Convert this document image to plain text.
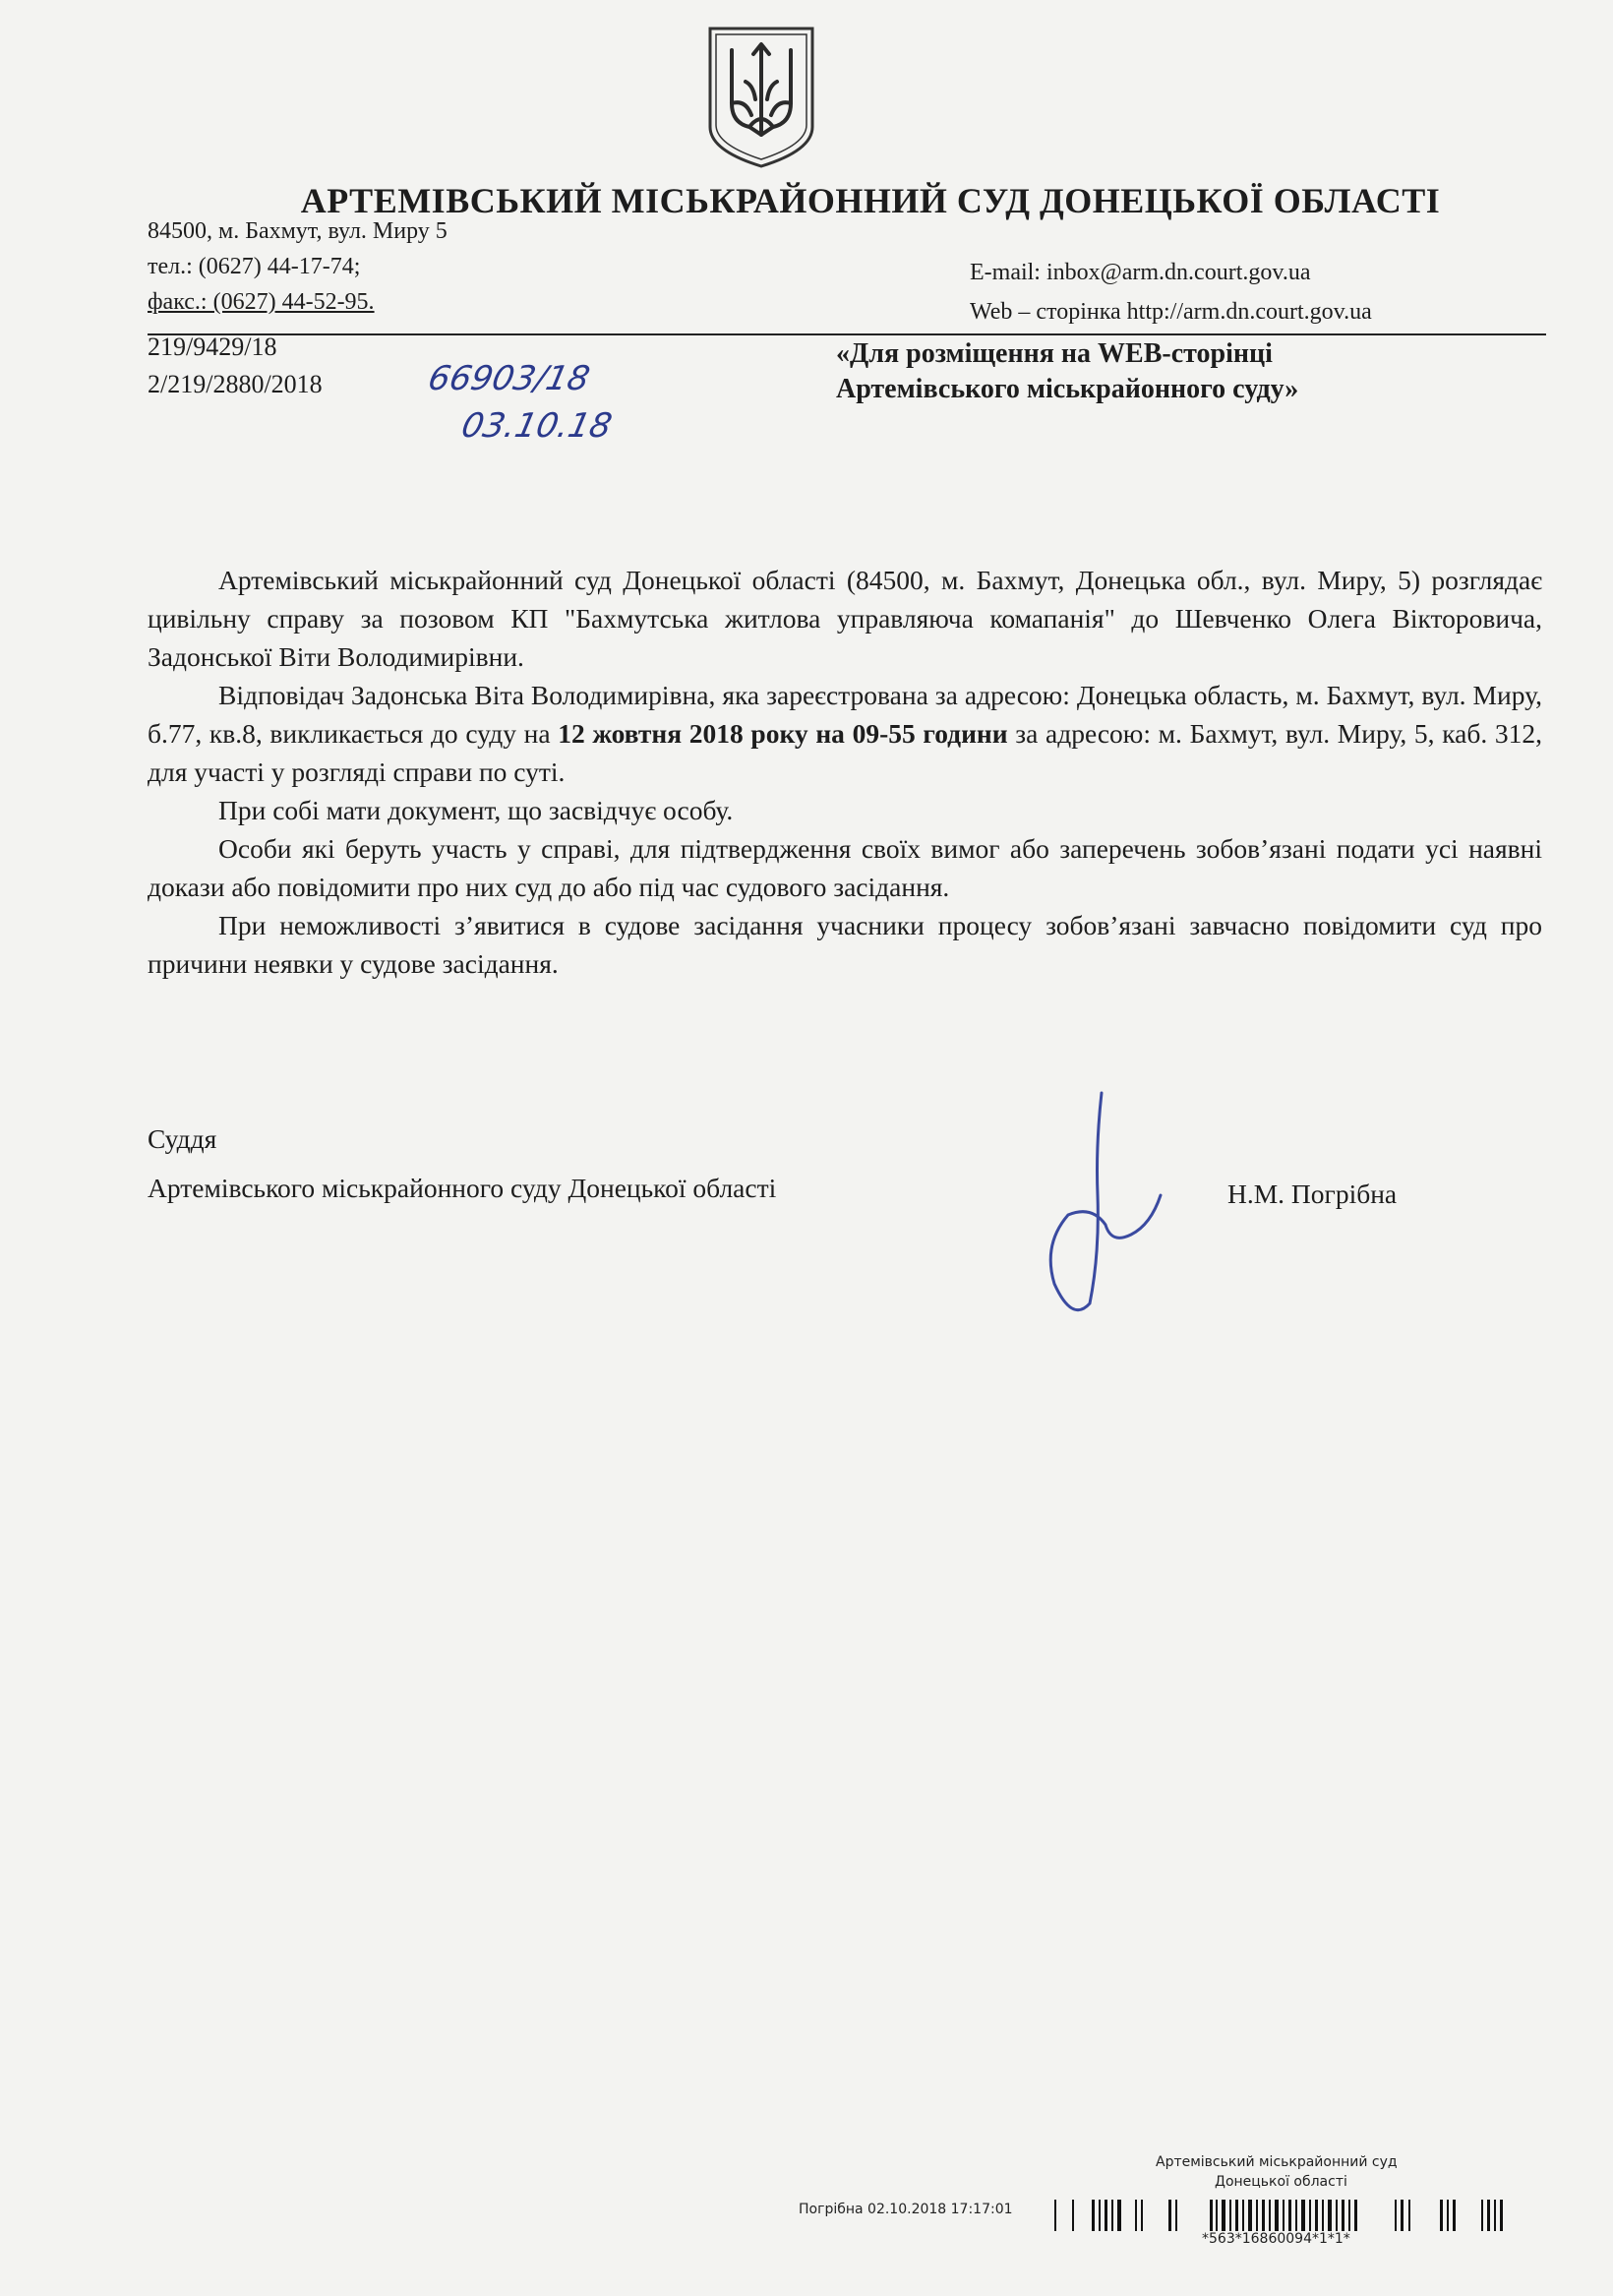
АРТЕМІВСЬКИЙ МІСЬКРАЙОННИЙ СУД ДОНЕЦЬКОЇ ОБЛАСТІ
84500, м. Бахмут, вул. Миру 5
тел.: (0627) 44-17-74;
факс.: (0627) 44-52-95.
E-mail: inbox@arm.dn.court.gov.ua
Web – сторінка http://arm.dn.court.gov.ua
219/9429/18
2/219/2880/2018	66903/18
03.10.18
«Для розміщення на WEB-сторінці
Артемівського міськрайонного суду»

Артемівський міськрайонний суд Донецької області (84500, м. Бахмут, Донецька обл., вул. Миру, 5) розглядає цивільну справу за позовом КП "Бахмутська житлова управляюча комапанія" до Шевченко Олега Вікторовича, Задонської Віти Володимирівни.

Відповідач Задонська Віта Володимирівна, яка зареєстрована за адресою: Донецька область, м. Бахмут, вул. Миру, б.77, кв.8, викликається до суду на 12 жовтня 2018 року на 09-55 години за адресою: м. Бахмут, вул. Миру, 5, каб. 312, для участі у розгляді справи по суті.

При собі мати документ, що засвідчує особу.

Особи які беруть участь у справі, для підтвердження своїх вимог або заперечень зобов’язані подати усі наявні докази або повідомити про них суд до або під час судового засідання.

При неможливості з’явитися в судове засідання учасники процесу зобов’язані завчасно повідомити суд про причини неявки у судове засідання.

Суддя
Артемівського міськрайонного суду Донецької області	Н.М. Погрібна
Артемівський міськрайонний суд
Донецької області
Погрібна 02.10.2018 17:17:01
*563*16860094*1*1*
